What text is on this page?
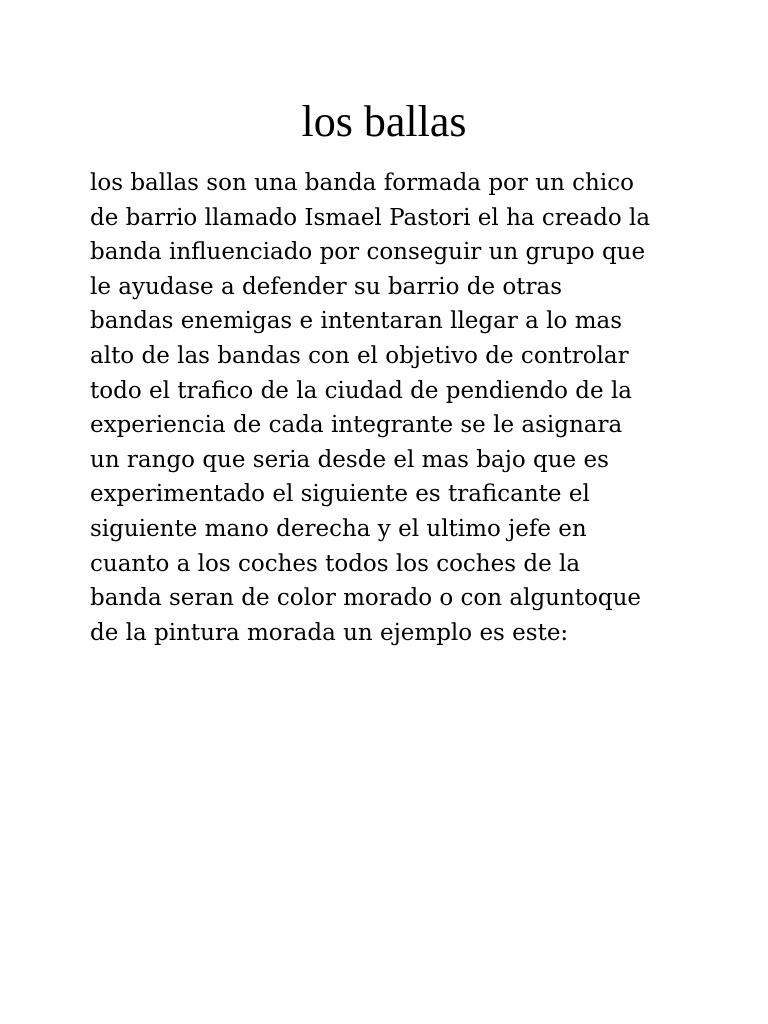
los ballas

los ballas son una banda formada por un chico
de barrio llamado Ismael Pastori el ha creado la
banda influenciado por conseguir un grupo que
le ayudase a defender su barrio de otras
bandas enemigas e intentaran llegar a lo mas
alto de las bandas con el objetivo de controlar
todo el trafico de la ciudad de pendiendo de la
experiencia de cada integrante se le asignara
un rango que seria desde el mas bajo que es
experimentado el siguiente es traficante el
siguiente mano derecha y el ultimo jefe en
cuanto a los coches todos los coches de la
banda seran de color morado o con alguntoque
de la pintura morada un ejemplo es este:
